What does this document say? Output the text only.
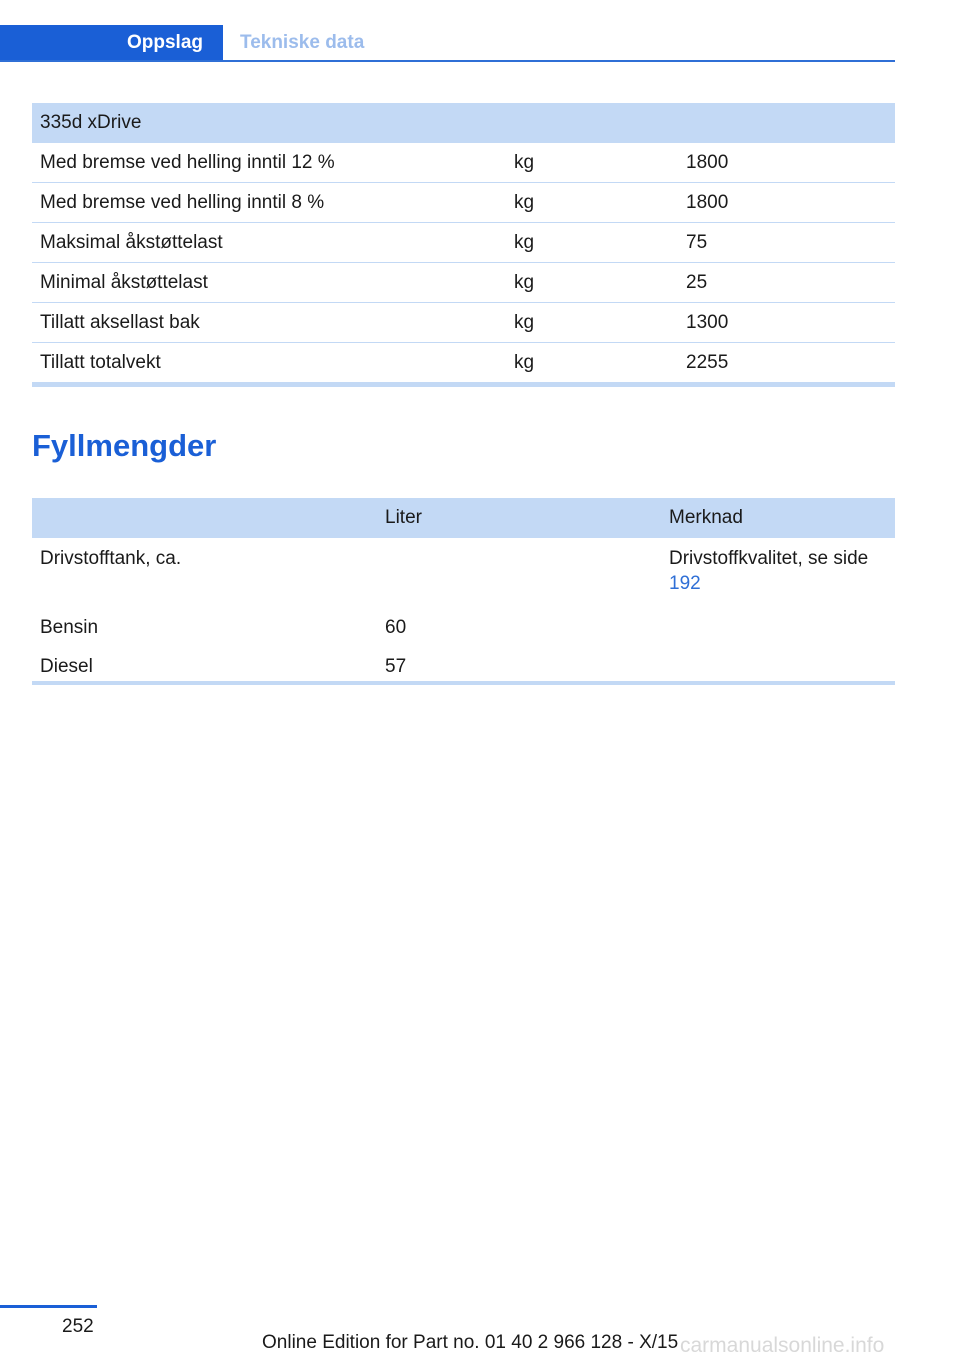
Oppslag	Tekniske data
335d xDrive		
Med bremse ved helling inntil 12 %	kg	1800
Med bremse ved helling inntil 8 %	kg	1800
Maksimal åkstøttelast	kg	75
Minimal åkstøttelast	kg	25
Tillatt aksellast bak	kg	1300
Tillatt totalvekt	kg	2255
Fyllmengder
	Liter	Merknad
Drivstofftank, ca.		Drivstoffkvalitet, se side 192
Bensin	60	
Diesel	57	
252
Online Edition for Part no. 01 40 2 966 128 - X/15 carmanualsonline.info
